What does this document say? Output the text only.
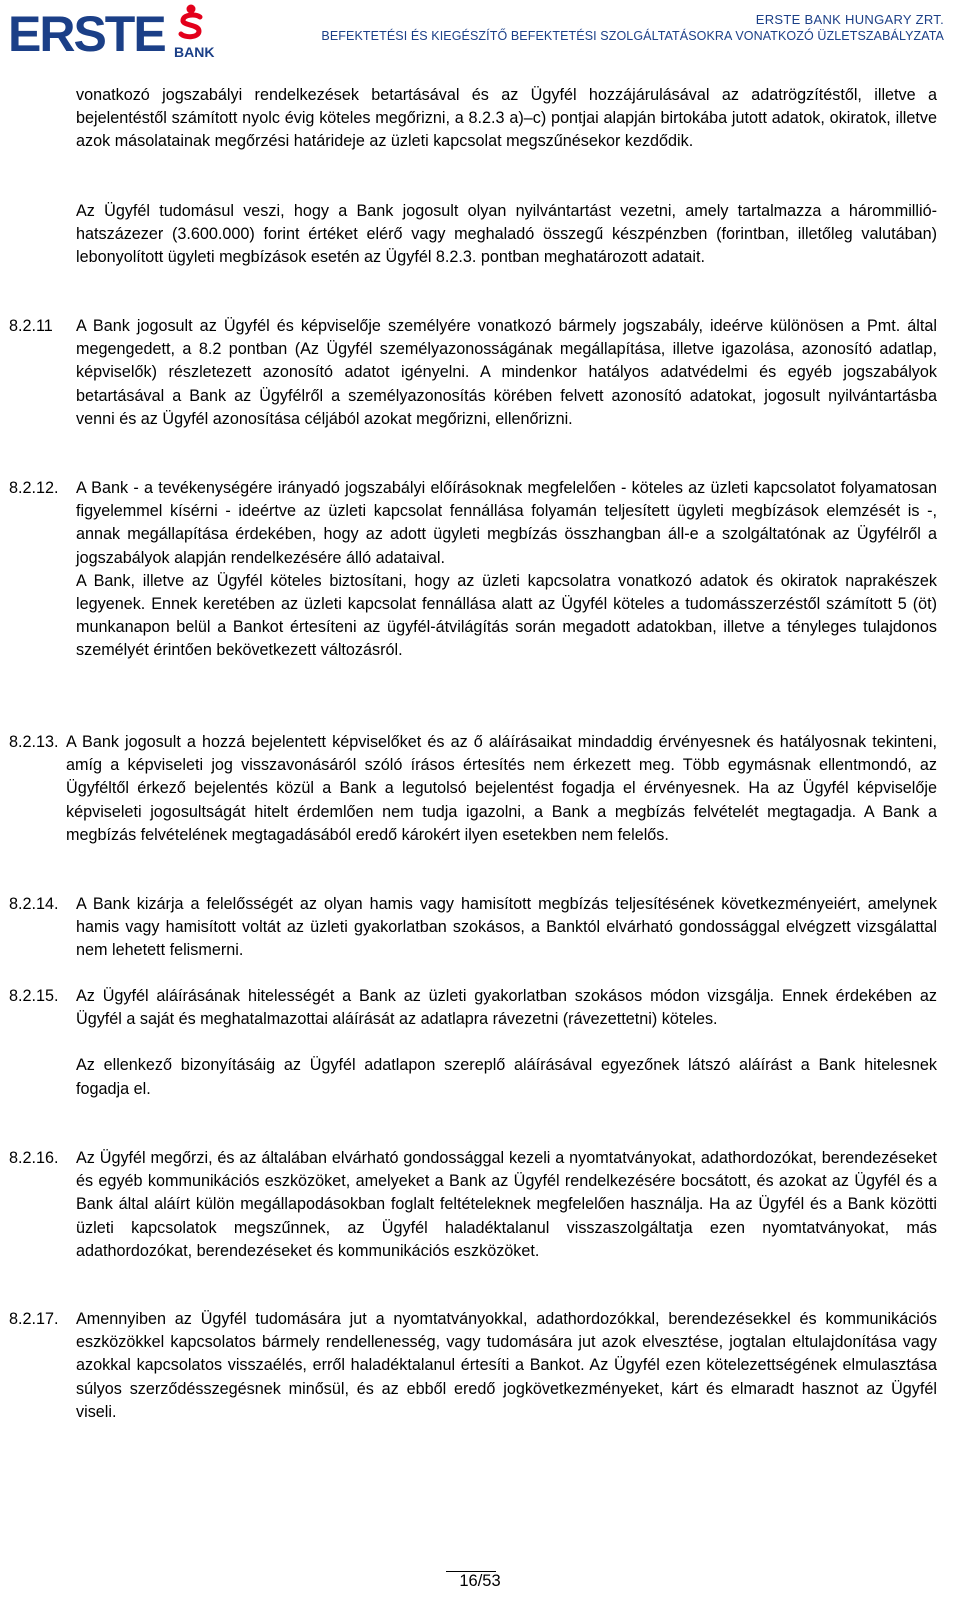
ERSTE BANK
ERSTE BANK HUNGARY ZRT.
BEFEKTETÉSI ÉS KIEGÉSZÍTŐ BEFEKTETÉSI SZOLGÁLTATÁSOKRA VONATKOZÓ ÜZLETSZABÁLYZATA
vonatkozó jogszabályi rendelkezések betartásával és az Ügyfél hozzájárulásával az adatrögzítéstől, illetve a bejelentéstől számított nyolc évig köteles megőrizni, a 8.2.3 a)–c) pontjai alapján birtokába jutott adatok, okiratok, illetve azok másolatainak megőrzési határideje az üzleti kapcsolat megszűnésekor kezdődik.
Az Ügyfél tudomásul veszi, hogy a Bank jogosult olyan nyilvántartást vezetni, amely tartalmazza a hárommillió-hatszázezer (3.600.000) forint értéket elérő vagy meghaladó összegű készpénzben (forintban, illetőleg valutában) lebonyolított ügyleti megbízások esetén az Ügyfél 8.2.3. pontban meghatározott adatait.
8.2.11 A Bank jogosult az Ügyfél és képviselője személyére vonatkozó bármely jogszabály, ideérve különösen a Pmt. által megengedett, a 8.2 pontban (Az Ügyfél személyazonosságának megállapítása, illetve igazolása, azonosító adatlap, képviselők) részletezett azonosító adatot igényelni. A mindenkor hatályos adatvédelmi és egyéb jogszabályok betartásával a Bank az Ügyfélről a személyazonosítás körében felvett azonosító adatokat, jogosult nyilvántartásba venni és az Ügyfél azonosítása céljából azokat megőrizni, ellenőrizni.
8.2.12. A Bank - a tevékenységére irányadó jogszabályi előírásoknak megfelelően - köteles az üzleti kapcsolatot folyamatosan figyelemmel kísérni - ideértve az üzleti kapcsolat fennállása folyamán teljesített ügyleti megbízások elemzését is -, annak megállapítása érdekében, hogy az adott ügyleti megbízás összhangban áll-e a szolgáltatónak az Ügyfélről a jogszabályok alapján rendelkezésére álló adataival.
A Bank, illetve az Ügyfél köteles biztosítani, hogy az üzleti kapcsolatra vonatkozó adatok és okiratok naprakészek legyenek. Ennek keretében az üzleti kapcsolat fennállása alatt az Ügyfél köteles a tudomásszerzéstől számított 5 (öt) munkanapon belül a Bankot értesíteni az ügyfél-átvilágítás során megadott adatokban, illetve a tényleges tulajdonos személyét érintően bekövetkezett változásról.
8.2.13. A Bank jogosult a hozzá bejelentett képviselőket és az ő aláírásaikat mindaddig érvényesnek és hatályosnak tekinteni, amíg a képviseleti jog visszavonásáról szóló írásos értesítés nem érkezett meg. Több egymásnak ellentmondó, az Ügyféltől érkező bejelentés közül a Bank a legutolsó bejelentést fogadja el érvényesnek. Ha az Ügyfél képviselője képviseleti jogosultságát hitelt érdemlően nem tudja igazolni, a Bank a megbízás felvételét megtagadja. A Bank a megbízás felvételének megtagadásából eredő károkért ilyen esetekben nem felelős.
8.2.14. A Bank kizárja a felelősségét az olyan hamis vagy hamisított megbízás teljesítésének következményeiért, amelynek hamis vagy hamisított voltát az üzleti gyakorlatban szokásos, a Banktól elvárható gondossággal elvégzett vizsgálattal nem lehetett felismerni.
8.2.15. Az Ügyfél aláírásának hitelességét a Bank az üzleti gyakorlatban szokásos módon vizsgálja. Ennek érdekében az Ügyfél a saját és meghatalmazottai aláírását az adatlapra rávezetni (rávezettetni) köteles.
Az ellenkező bizonyításáig az Ügyfél adatlapon szereplő aláírásával egyezőnek látszó aláírást a Bank hitelesnek fogadja el.
8.2.16. Az Ügyfél megőrzi, és az általában elvárható gondossággal kezeli a nyomtatványokat, adathordozókat, berendezéseket és egyéb kommunikációs eszközöket, amelyeket a Bank az Ügyfél rendelkezésére bocsátott, és azokat az Ügyfél és a Bank által aláírt külön megállapodásokban foglalt feltételeknek megfelelően használja. Ha az Ügyfél és a Bank közötti üzleti kapcsolatok megszűnnek, az Ügyfél haladéktalanul visszaszolgáltatja ezen nyomtatványokat, más adathordozókat, berendezéseket és kommunikációs eszközöket.
8.2.17. Amennyiben az Ügyfél tudomására jut a nyomtatványokkal, adathordozókkal, berendezésekkel és kommunikációs eszközökkel kapcsolatos bármely rendellenesség, vagy tudomására jut azok elvesztése, jogtalan eltulajdonítása vagy azokkal kapcsolatos visszaélés, erről haladéktalanul értesíti a Bankot. Az Ügyfél ezen kötelezettségének elmulasztása súlyos szerződésszegésnek minősül, és az ebből eredő jogkövetkezményeket, kárt és elmaradt hasznot az Ügyfél viseli.
16/53
